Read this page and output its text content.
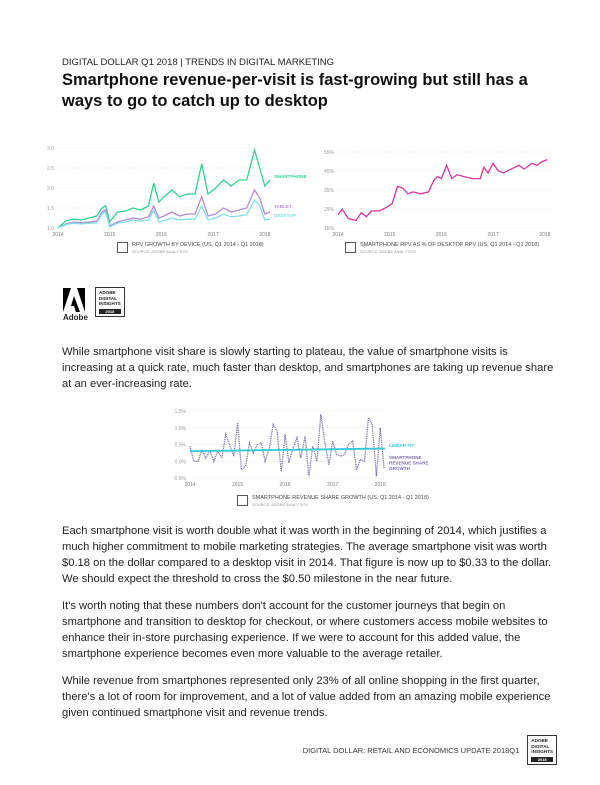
DIGITAL DOLLAR Q1 2018 | TRENDS IN DIGITAL MARKETING
Smartphone revenue-per-visit is fast-growing but still has a ways to go to catch up to desktop
1.0
1.5
2.0
2.5
3.0
2014	2015	2016	2017	2018
SMARTPHONE
TABLET
DESKTOP
RPV GROWTH BY DEVICE (US, Q1 2014 - Q1 2018)
SOURCE: ADOBE ANALYTICS
15%
25%
35%
45%
55%
2014	2015	2016	2017	2018
SMARTPHONE RPV AS % OF DESKTOP RPV (US, Q1 2014 - Q1 2018)
SOURCE: ADOBE ANALYTICS
Adobe
ADOBE
DIGITAL
INSIGHTS
2018

While smartphone visit share is slowly starting to plateau, the value of smartphone visits is increasing at a quick rate, much faster than desktop, and smartphones are taking up revenue share at an ever-increasing rate.

-0.5%
0.0%
0.5%
1.0%
1.5%
2014	2015	2016	2017	2018
SMARTPHONE
REVENUE SHARE
GROWTH
LINEAR FIT
SMARTPHONE REVENUE SHARE GROWTH (US, Q1 2014 - Q1 2018)
SOURCE: ADOBE ANALYTICS

Each smartphone visit is worth double what it was worth in the beginning of 2014, which justifies a much higher commitment to mobile marketing strategies. The average smartphone visit was worth $0.18 on the dollar compared to a desktop visit in 2014. That figure is now up to $0.33 to the dollar. We should expect the threshold to cross the $0.50 milestone in the near future.

It's worth noting that these numbers don't account for the customer journeys that begin on smartphone and transition to desktop for checkout, or where customers access mobile websites to enhance their in-store purchasing experience. If we were to account for this added value, the smartphone experience becomes even more valuable to the average retailer.

While revenue from smartphones represented only 23% of all online shopping in the first quarter, there's a lot of room for improvement, and a lot of value added from an amazing mobile experience given continued smartphone visit and revenue trends.

DIGITAL DOLLAR: RETAIL AND ECONOMICS UPDATE 2018Q1
ADOBE
DIGITAL
INSIGHTS
2018
